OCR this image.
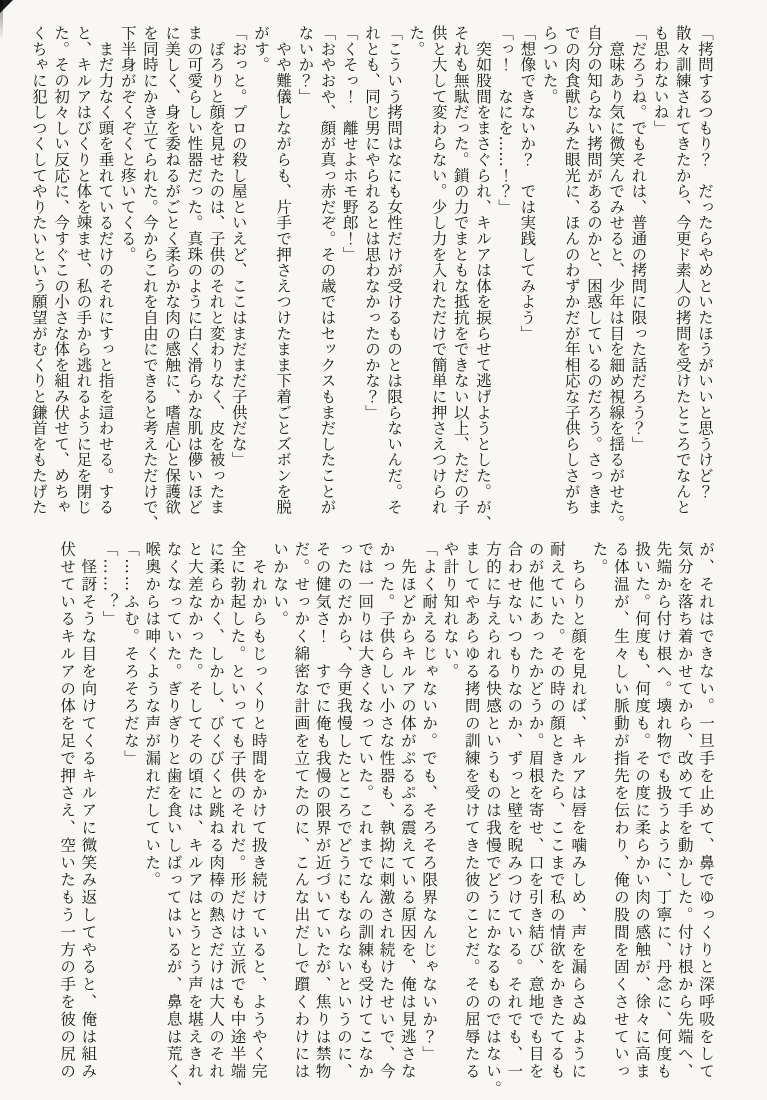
「拷問するつもり？　だったらやめといたほうがいいと思うけど？
散々訓練されてきたから、今更ド素人の拷問を受けたところでなんと
も思わないね」
「だろうね。でもそれは、普通の拷問に限った話だろう？」
　意味あり気に微笑んでみせると、少年は目を細め視線を揺るがせた。
自分の知らない拷問があるのかと、困惑しているのだろう。さっきま
での肉食獣じみた眼光に、ほんのわずかだが年相応な子供らしさがち
らついた。
「想像できないか？　では実践してみよう」
「っ！　なにを……！？」
　突如股間をまさぐられ、キルアは体を捩らせて逃げようとした。が、
それも無駄だった。鎖の力でまともな抵抗をできない以上、ただの子
供と大して変わらない。少し力を入れただけで簡単に押さえつけられ
た。
「こういう拷問はなにも女性だけが受けるものとは限らないんだ。そ
れとも、同じ男にやられるとは思わなかったのかな？」
「くそっ！　離せよホモ野郎！」
「おやおや、顔が真っ赤だぞ。その歳ではセックスもまだしたことが
ないか？」
　やや難儀しながらも、片手で押さえつけたまま下着ごとズボンを脱
がす。
「おっと。プロの殺し屋といえど、ここはまだまだ子供だな」
　ぽろりと顔を見せたのは、子供のそれと変わりなく、皮を被ったま
まの可愛らしい性器だった。真珠のように白く滑らかな肌は儚いほど
に美しく、身を委ねるがごとく柔らかな肉の感触に、嗜虐心と保護欲
を同時にかき立てられた。今からこれを自由にできると考えただけで、
下半身がぞくぞくと疼いてくる。
　まだ力なく頭を垂れているだけのそれにすっと指を這わせる。する
と、キルアはびくりと体を竦ませ、私の手から逃れるように足を閉じ
た。その初々しい反応に、今すぐこの小さな体を組み伏せて、めちゃ
くちゃに犯しつくしてやりたいという願望がむくりと鎌首をもたげた
が、それはできない。一旦手を止めて、鼻でゆっくりと深呼吸をして
気分を落ち着かせてから、改めて手を動かした。付け根から先端へ、
先端から付け根へ。壊れ物でも扱うように、丁寧に、丹念に、何度も
扱いた。何度も、何度も。その度に柔らかい肉の感触が、徐々に高ま
る体温が、生々しい脈動が指先を伝わり、俺の股間を固くさせていっ
た。
　ちらりと顔を見れば、キルアは唇を噛みしめ、声を漏らさぬように
耐えていた。その時の顔ときたら、ここまで私の情欲をかきたてるも
のが他にあったかどうか。眉根を寄せ、口を引き結び、意地でも目を
合わせないつもりなのか、ずっと壁を睨みつけている。それでも、一
方的に与えられる快感というものは我慢でどうにかなるものではない。
ましてやあらゆる拷問の訓練を受けてきた彼のことだ。その屈辱たる
や計り知れない。
「よく耐えるじゃないか。でも、そろそろ限界なんじゃないか？」
　先ほどからキルアの体がぷるぷる震えている原因を、俺は見逃さな
かった。子供らしい小さな性器も、執拗に刺激され続けたせいで、今
では一回りは大きくなっていた。これまでなんの訓練も受けてこなか
ったのだから、今更我慢したところでどうにもならないというのに、
その健気さ！　すでに俺も我慢の限界が近づいていたが、焦りは禁物
だ。せっかく綿密な計画を立てたのに、こんな出だしで躓くわけには
いかない。
　それからもじっくりと時間をかけて扱き続けていると、ようやく完
全に勃起した。といっても子供のそれだ。形だけは立派でも中途半端
に柔らかく、しかし、びくびくと跳ねる肉棒の熱さだけは大人のそれ
と大差なかった。そしてその頃には、キルアはとうとう声を堪えきれ
なくなっていた。ぎりぎりと歯を食いしばってはいるが、鼻息は荒く、
喉奥からは呻くような声が漏れだしていた。
「……ふむ。そろそろだな」
「……？」
　怪訝そうな目を向けてくるキルアに微笑み返してやると、俺は組み
伏せているキルアの体を足で押さえ、空いたもう一方の手を彼の尻の
